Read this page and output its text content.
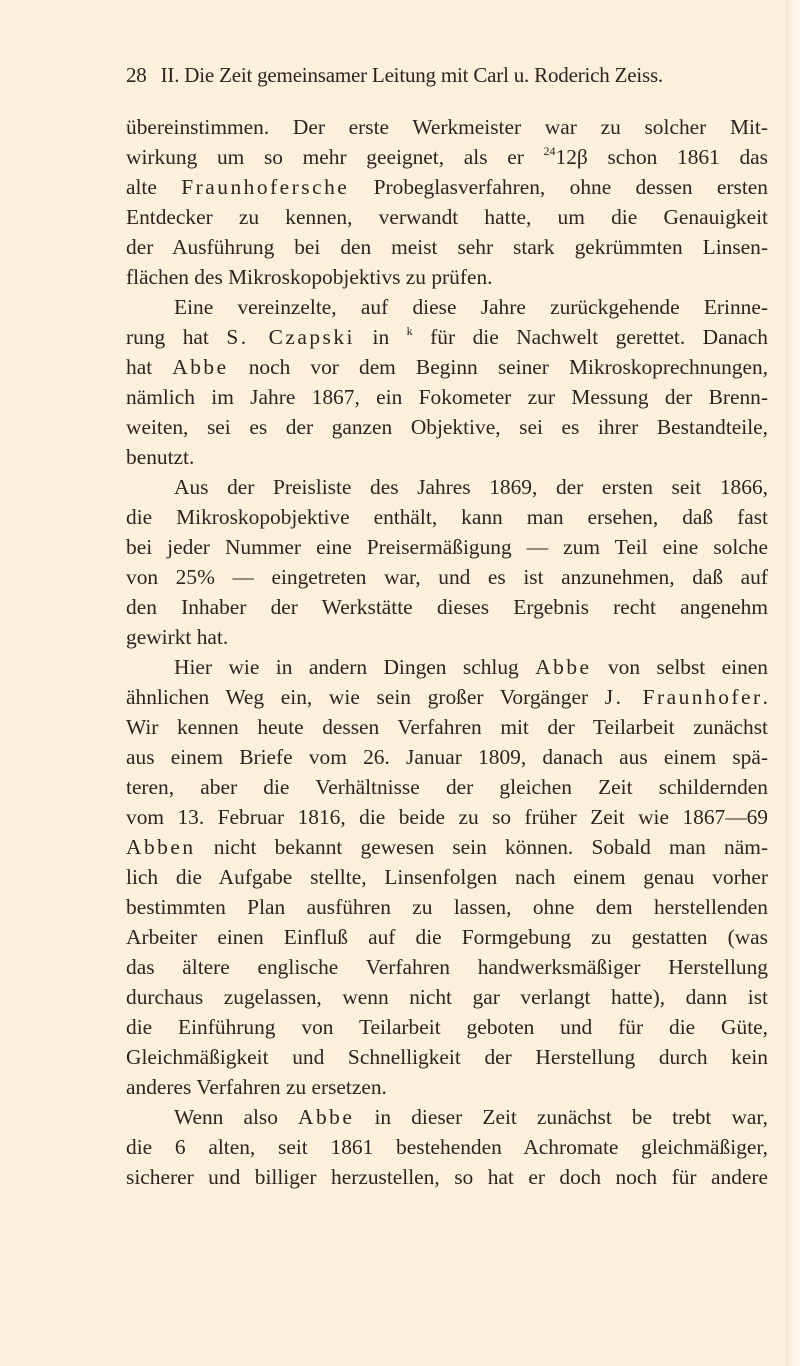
28 II. Die Zeit gemeinsamer Leitung mit Carl u. Roderich Zeiss.
übereinstimmen. Der erste Werkmeister war zu solcher Mit-
wirkung um so mehr geeignet, als er $^{24}$12β schon 1861 das
alte Fraunhofersche Probeglasverfahren, ohne dessen ersten
Entdecker zu kennen, verwandt hatte, um die Genauigkeit
der Ausführung bei den meist sehr stark gekrümmten Linsen-
flächen des Mikroskopobjektivs zu prüfen.
Eine vereinzelte, auf diese Jahre zurückgehende Erinne-
rung hat S. Czapski in $^k$ für die Nachwelt gerettet. Danach
hat Abbe noch vor dem Beginn seiner Mikroskoprechnungen,
nämlich im Jahre 1867, ein Fokometer zur Messung der Brenn-
weiten, sei es der ganzen Objektive, sei es ihrer Bestandteile,
benutzt.
Aus der Preisliste des Jahres 1869, der ersten seit 1866,
die Mikroskopobjektive enthält, kann man ersehen, daß fast
bei jeder Nummer eine Preisermäßigung — zum Teil eine solche
von 25% — eingetreten war, und es ist anzunehmen, daß auf
den Inhaber der Werkstätte dieses Ergebnis recht angenehm
gewirkt hat.
Hier wie in andern Dingen schlug Abbe von selbst einen
ähnlichen Weg ein, wie sein großer Vorgänger J. Fraunhofer.
Wir kennen heute dessen Verfahren mit der Teilarbeit zunächst
aus einem Briefe vom 26. Januar 1809, danach aus einem spä-
teren, aber die Verhältnisse der gleichen Zeit schildernden
vom 13. Februar 1816, die beide zu so früher Zeit wie 1867—69
Abben nicht bekannt gewesen sein können. Sobald man näm-
lich die Aufgabe stellte, Linsenfolgen nach einem genau vorher
bestimmten Plan ausführen zu lassen, ohne dem herstellenden
Arbeiter einen Einfluß auf die Formgebung zu gestatten (was
das ältere englische Verfahren handwerksmäßiger Herstellung
durchaus zugelassen, wenn nicht gar verlangt hatte), dann ist
die Einführung von Teilarbeit geboten und für die Güte,
Gleichmäßigkeit und Schnelligkeit der Herstellung durch kein
anderes Verfahren zu ersetzen.
Wenn also Abbe in dieser Zeit zunächst be trebt war,
die 6 alten, seit 1861 bestehenden Achromate gleichmäßiger,
sicherer und billiger herzustellen, so hat er doch noch für andere
